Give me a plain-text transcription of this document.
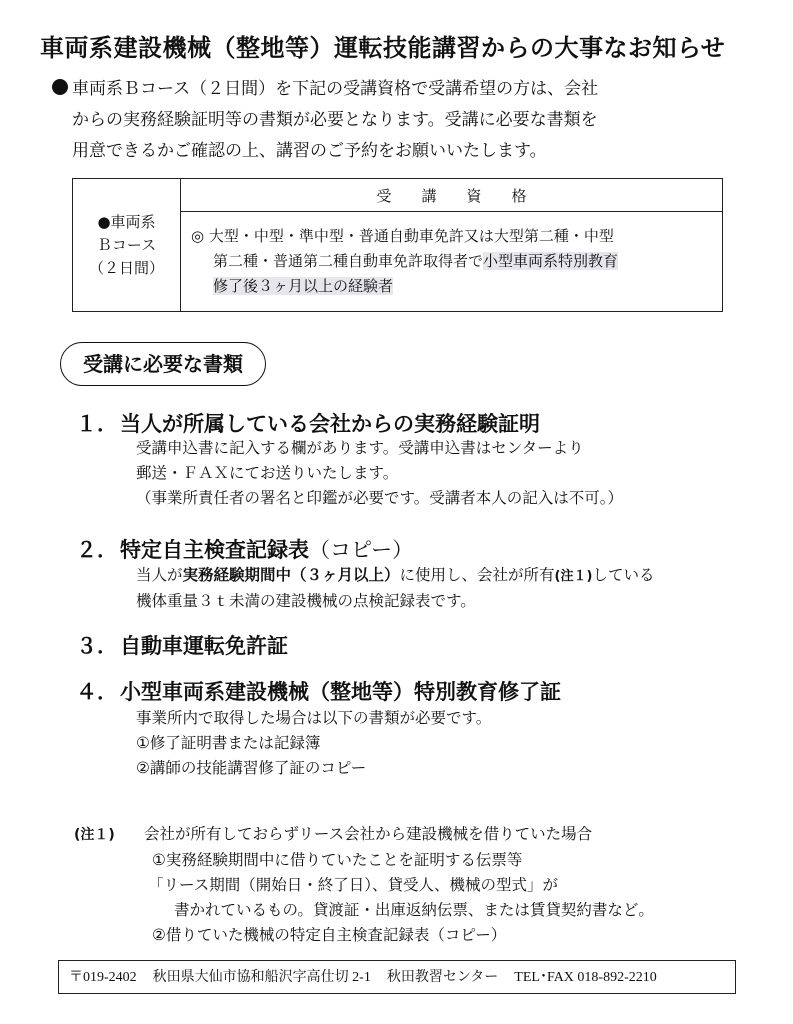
車両系建設機械（整地等）運転技能講習からの大事なお知らせ
車両系Ｂコース（２日間）を下記の受講資格で受講希望の方は、会社
からの実務経験証明等の書類が必要となります。受講に必要な書類を
用意できるかご確認の上、講習のご予約をお願いいたします。
●車両系
Ｂコース
（２日間）
	受講資格

◎ 大型・中型・準中型・普通自動車免許又は大型第二種・中型
第二種・普通第二種自動車免許取得者で小型車両系特別教育
修了後３ヶ月以上の経験者
受講に必要な書類
１．当人が所属している会社からの実務経験証明
受講申込書に記入する欄があります。受講申込書はセンターより
郵送・ＦＡＸにてお送りいたします。
（事業所責任者の署名と印鑑が必要です。受講者本人の記入は不可。）
２．特定自主検査記録表（コピー）
当人が実務経験期間中（３ヶ月以上）に使用し、会社が所有(注１)している
機体重量３ｔ未満の建設機械の点検記録表です。
３．自動車運転免許証
４．小型車両系建設機械（整地等）特別教育修了証
事業所内で取得した場合は以下の書類が必要です。
①修了証明書または記録簿
②講師の技能講習修了証のコピー
(注１) 会社が所有しておらずリース会社から建設機械を借りていた場合
①実務経験期間中に借りていたことを証明する伝票等
「リース期間（開始日・終了日）、貸受人、機械の型式」が
書かれているもの。貸渡証・出庫返納伝票、または賃貸契約書など。
②借りていた機械の特定自主検査記録表（コピー）
〒019-2402 秋田県大仙市協和船沢字高仕切 2-1 秋田教習センター TEL･FAX 018-892-2210
